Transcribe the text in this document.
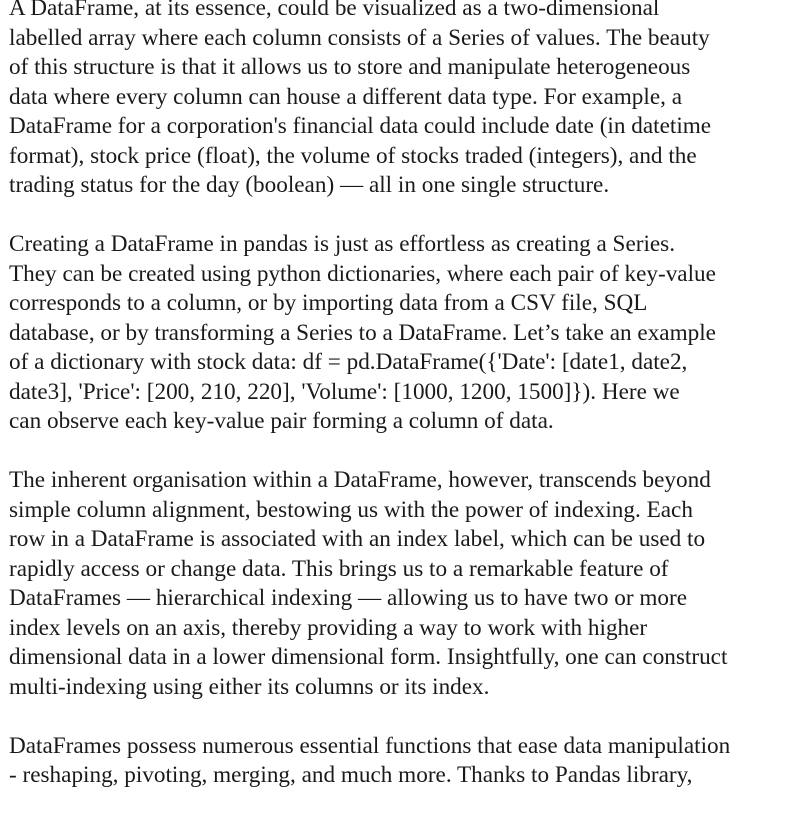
A DataFrame, at its essence, could be visualized as a two-dimensional
labelled array where each column consists of a Series of values. The beauty
of this structure is that it allows us to store and manipulate heterogeneous
data where every column can house a different data type. For example, a
DataFrame for a corporation's financial data could include date (in datetime
format), stock price (float), the volume of stocks traded (integers), and the
trading status for the day (boolean) — all in one single structure.
Creating a DataFrame in pandas is just as effortless as creating a Series.
They can be created using python dictionaries, where each pair of key-value
corresponds to a column, or by importing data from a CSV file, SQL
database, or by transforming a Series to a DataFrame. Let’s take an example
of a dictionary with stock data: df = pd.DataFrame({'Date': [date1, date2,
date3], 'Price': [200, 210, 220], 'Volume': [1000, 1200, 1500]}). Here we
can observe each key-value pair forming a column of data.
The inherent organisation within a DataFrame, however, transcends beyond
simple column alignment, bestowing us with the power of indexing. Each
row in a DataFrame is associated with an index label, which can be used to
rapidly access or change data. This brings us to a remarkable feature of
DataFrames — hierarchical indexing — allowing us to have two or more
index levels on an axis, thereby providing a way to work with higher
dimensional data in a lower dimensional form. Insightfully, one can construct
multi-indexing using either its columns or its index.
DataFrames possess numerous essential functions that ease data manipulation
- reshaping, pivoting, merging, and much more. Thanks to Pandas library,
